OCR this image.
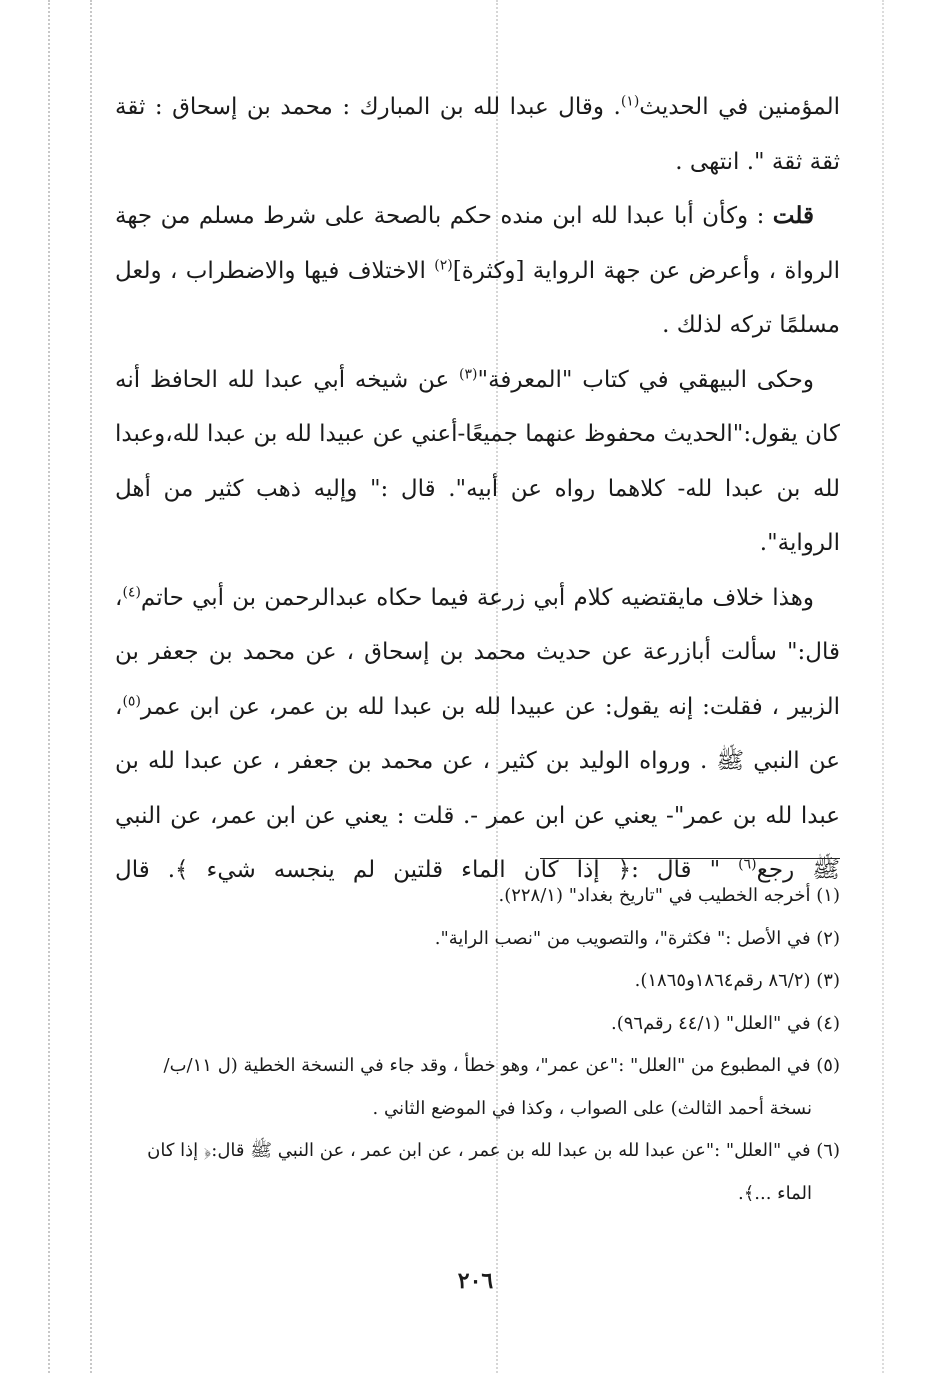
المؤمنين في الحديث$^{(١)}$. وقال عبدا لله بن المبارك : محمد بن إسحاق : ثقة ثقة ثقة ". انتهى .

قلت : وكأن أبا عبدا لله ابن منده حكم بالصحة على شرط مسلم من جهة الرواة ، وأعرض عن جهة الرواية [وكثرة]$^{(٢)}$ الاختلاف فيها والاضطراب ، ولعل مسلمًا تركه لذلك .

وحكى البيهقي في كتاب "المعرفة"$^{(٣)}$ عن شيخه أبي عبدا لله الحافظ أنه كان يقول:"الحديث محفوظ عنهما جميعًا-أعني عن عبيدا لله بن عبدا لله،وعبدا لله بن عبدا لله- كلاهما رواه عن أبيه". قال :" وإليه ذهب كثير من أهل الرواية".

وهذا خلاف مايقتضيه كلام أبي زرعة فيما حكاه عبدالرحمن بن أبي حاتم$^{(٤)}$، قال:" سألت أبازرعة عن حديث محمد بن إسحاق ، عن محمد بن جعفر بن الزبير ، فقلت: إنه يقول: عن عبيدا لله بن عبدا لله بن عمر، عن ابن عمر$^{(٥)}$، عن النبي ﷺ . ورواه الوليد بن كثير ، عن محمد بن جعفر ، عن عبدا لله بن عبدا لله بن عمر"- يعني عن ابن عمر -. قلت : يعني عن ابن عمر، عن النبي ﷺ رجع$^{(٦)}$ " قال :﴿ إذا كان الماء قلتين لم ينجسه شيء ﴾. قال

(١) أخرجه الخطيب في "تاريخ بغداد" (٢٢٨/١).

(٢) في الأصل :" فكثرة"، والتصويب من "نصب الراية".

(٣) (٨٦/٢ رقم١٨٦٤و١٨٦٥).

(٤) في "العلل" (٤٤/١ رقم٩٦).

(٥) في المطبوع من "العلل" :"عن عمر"، وهو خطأ ، وقد جاء في النسخة الخطية (ل ١١/ب/

نسخة أحمد الثالث) على الصواب ، وكذا في الموضع الثاني .

(٦) في "العلل" :"عن عبدا لله بن عبدا لله بن عمر ، عن ابن عمر ، عن النبي ﷺ قال:﴿ إذا كان

الماء ...﴾.

٢٠٦
